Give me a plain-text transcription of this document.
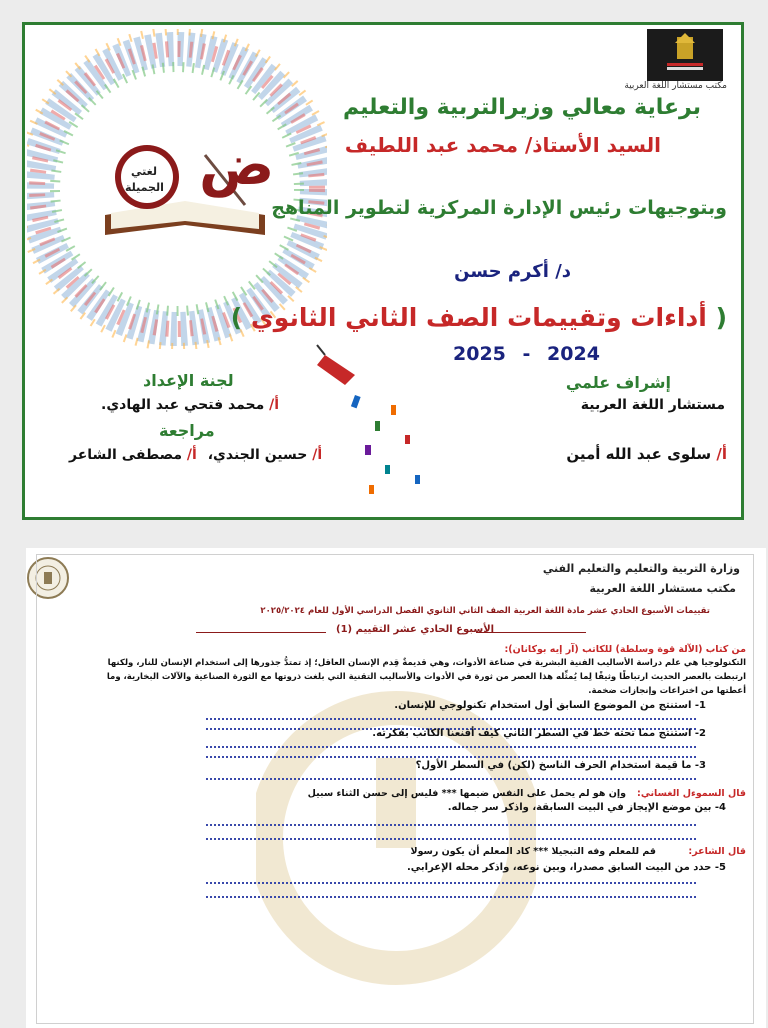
مكتب مستشار اللغة العربية
لغتي
الجميلة ض
برعاية معالي وزيرالتربية والتعليم
السيد الأستاذ/ محمد عبد اللطيف
وبتوجيهات رئيس الإدارة المركزية لتطوير المناهج
د/ أكرم حسن
( أداءات وتقييمات الصف الثاني الثانوي )
2025 - 2024
إشراف علمي
مستشار اللغة العربية
أ/ سلوى عبد الله أمين
لجنة الإعداد
أ/ محمد فتحي عبد الهادي.
مراجعة
أ/ حسين الجندي، أ/ مصطفى الشاعر
وزارة التربية والتعليم والتعليم الفني
مكتب مستشار اللغة العربية
تقييمات الأسبوع الحادي عشر مادة اللغة العربية الصف الثاني الثانوي الفصل الدراسي الأول للعام ٢٠٢٥/٢٠٢٤
الأسبوع الحادي عشر التقييم (1)
من كتاب (الآلة قوة وسلطة) للكاتب (آر إيه بوكانان):
التكنولوجيا هي علم دراسة الأساليب الفنية البشرية في صناعة الأدوات، وهي قديمةٌ قِدم الإنسان العاقل؛ إذ تمتدُّ جذورها إلى استخدام الإنسان للنار، ولكنها
ارتبطت بالعصر الحديث ارتباطًا وثيقًا لِما يُمثِّله هذا العصر من ثورة في الأدوات والأساليب التقنية التي بلغت ذروتها مع الثورة الصناعية والآلات البخارية، وما
أعطتها من اختراعات وإنجازات ضخمة.
1- استنتج من الموضوع السابق أول استخدام تكنولوجي للإنسان.
2- استنتج مما تحته خط في السطر الثاني كيف أقنعنا الكاتب بفكرته.
3- ما قيمة استخدام الحرف الناسخ (لكن) في السطر الأول؟
قال السموءل الغساني:
وإن هو لم يحمل على النفس ضيمها *** فليس إلى حسن الثناء سبيل
4- بين موضع الإيجاز في البيت السابقة، واذكر سر جماله.
قال الشاعر:
قم للمعلم وفه التبجيلا *** كاد المعلم أن يكون رسولا
5- حدد من البيت السابق مصدرا، وبين نوعه، واذكر محله الإعرابي.
